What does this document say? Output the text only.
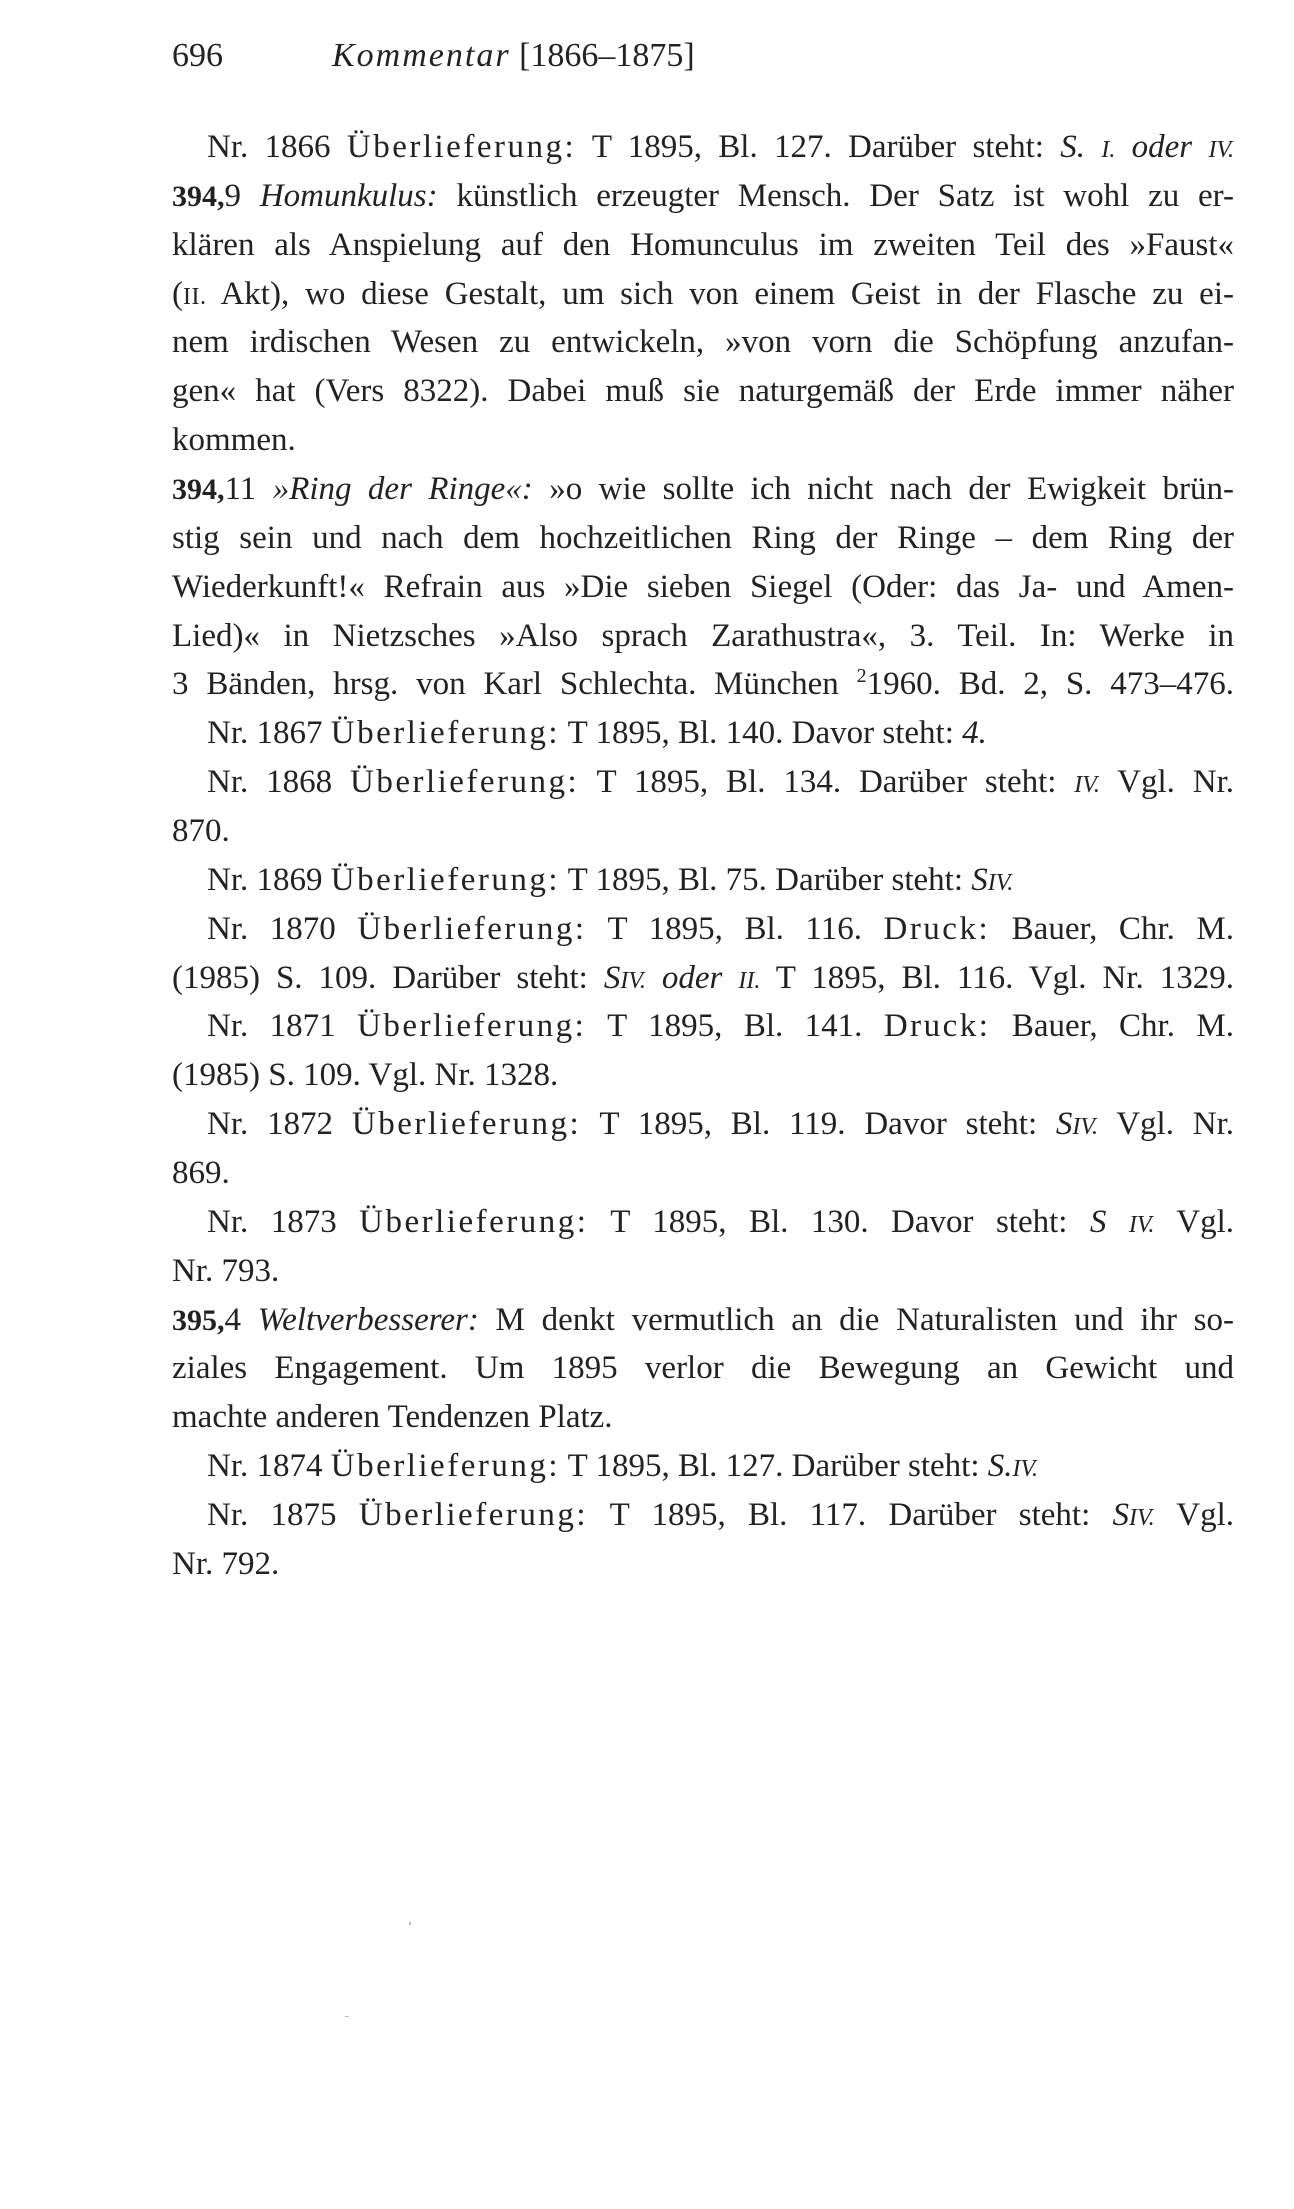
696	Kommentar [1866–1875]
Nr. 1866 Überlieferung: T 1895, Bl. 127. Darüber steht: S. I. oder IV.
394,9 Homunkulus: künstlich erzeugter Mensch. Der Satz ist wohl zu er-
klären als Anspielung auf den Homunculus im zweiten Teil des »Faust«
(II. Akt), wo diese Gestalt, um sich von einem Geist in der Flasche zu ei-
nem irdischen Wesen zu entwickeln, »von vorn die Schöpfung anzufan-
gen« hat (Vers 8322). Dabei muß sie naturgemäß der Erde immer näher
kommen.
394,11 »Ring der Ringe«: »o wie sollte ich nicht nach der Ewigkeit brün-
stig sein und nach dem hochzeitlichen Ring der Ringe – dem Ring der
Wiederkunft!« Refrain aus »Die sieben Siegel (Oder: das Ja- und Amen-
Lied)« in Nietzsches »Also sprach Zarathustra«, 3. Teil. In: Werke in
3 Bänden, hrsg. von Karl Schlechta. München $^2$1960. Bd. 2, S. 473–476.
Nr. 1867 Überlieferung: T 1895, Bl. 140. Davor steht: 4.
Nr. 1868 Überlieferung: T 1895, Bl. 134. Darüber steht: IV. Vgl. Nr.
870.
Nr. 1869 Überlieferung: T 1895, Bl. 75. Darüber steht: SIV.
Nr. 1870 Überlieferung: T 1895, Bl. 116. Druck: Bauer, Chr. M.
(1985) S. 109. Darüber steht: SIV. oder II. T 1895, Bl. 116. Vgl. Nr. 1329.
Nr. 1871 Überlieferung: T 1895, Bl. 141. Druck: Bauer, Chr. M.
(1985) S. 109. Vgl. Nr. 1328.
Nr. 1872 Überlieferung: T 1895, Bl. 119. Davor steht: SIV. Vgl. Nr.
869.
Nr. 1873 Überlieferung: T 1895, Bl. 130. Davor steht: S IV. Vgl.
Nr. 793.
395,4 Weltverbesserer: M denkt vermutlich an die Naturalisten und ihr so-
ziales Engagement. Um 1895 verlor die Bewegung an Gewicht und
machte anderen Tendenzen Platz.
Nr. 1874 Überlieferung: T 1895, Bl. 127. Darüber steht: S.IV.
Nr. 1875 Überlieferung: T 1895, Bl. 117. Darüber steht: SIV. Vgl.
Nr. 792.
